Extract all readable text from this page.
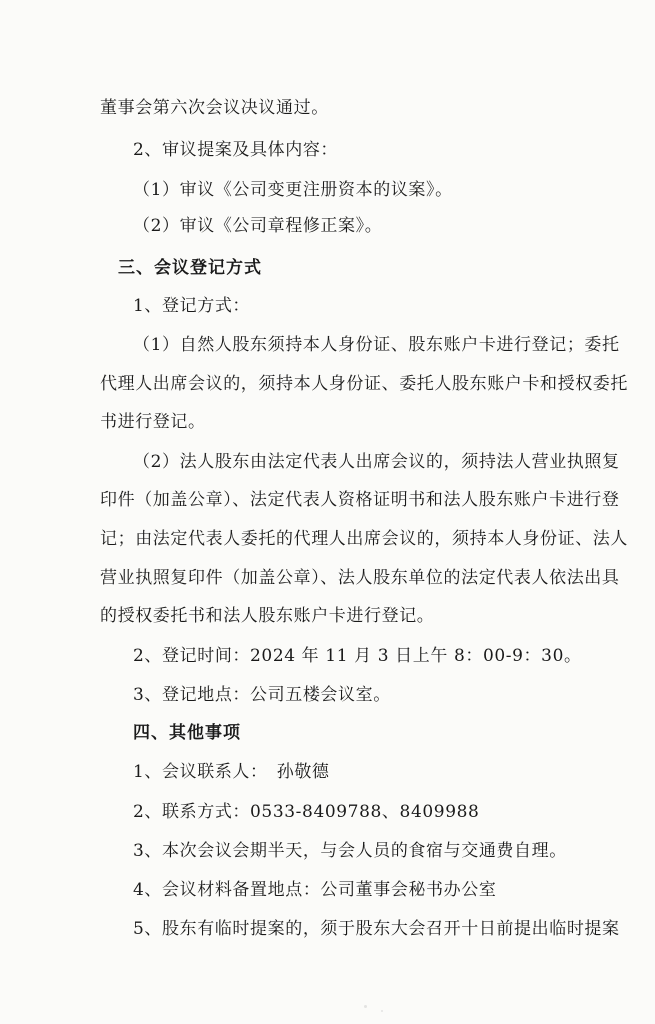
董事会第六次会议决议通过。
2、审议提案及具体内容：
（1）审议《公司变更注册资本的议案》。
（2）审议《公司章程修正案》。
三、会议登记方式
1、登记方式：
（1）自然人股东须持本人身份证、股东账户卡进行登记；委托
代理人出席会议的，须持本人身份证、委托人股东账户卡和授权委托
书进行登记。
（2）法人股东由法定代表人出席会议的，须持法人营业执照复
印件（加盖公章）、法定代表人资格证明书和法人股东账户卡进行登
记；由法定代表人委托的代理人出席会议的，须持本人身份证、法人
营业执照复印件（加盖公章）、法人股东单位的法定代表人依法出具
的授权委托书和法人股东账户卡进行登记。
2、登记时间：2024 年 11 月 3 日上午 8：00-9：30。
3、登记地点：公司五楼会议室。
四、其他事项
1、会议联系人：　孙敬德
2、联系方式：0533-8409788、8409988
3、本次会议会期半天，与会人员的食宿与交通费自理。
4、会议材料备置地点：公司董事会秘书办公室
5、股东有临时提案的，须于股东大会召开十日前提出临时提案
